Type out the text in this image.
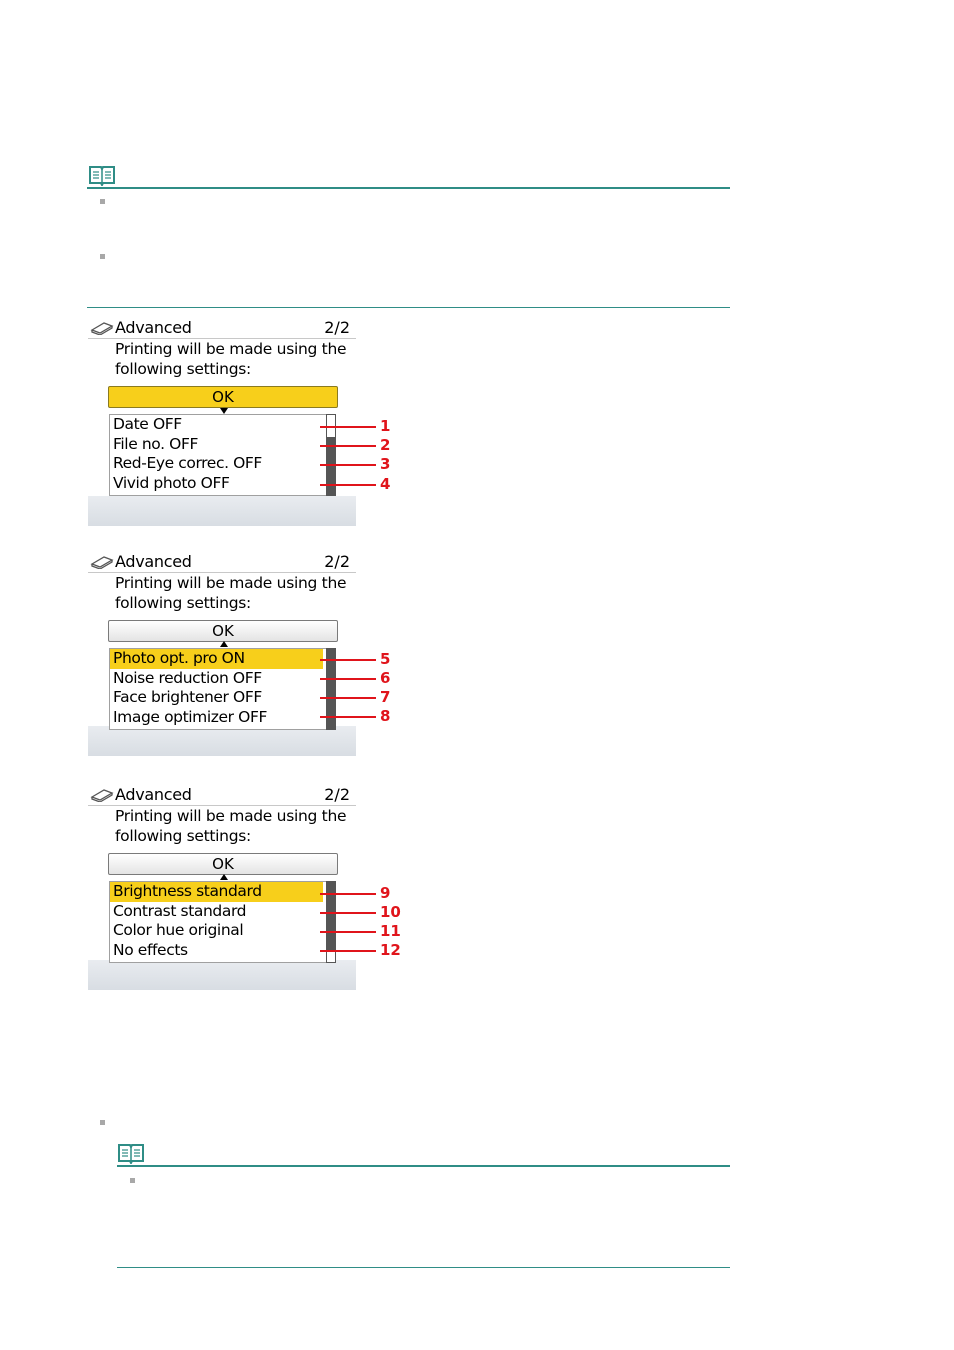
Advanced	2/2
Printing will be made using the following settings:
OK
Date OFF
File no. OFF
Red-Eye correc. OFF
Vivid photo OFF
1
2
3
4
Advanced	2/2
Printing will be made using the following settings:
OK
Photo opt. pro ON
Noise reduction OFF
Face brightener OFF
Image optimizer OFF
5
6
7
8
Advanced	2/2
Printing will be made using the following settings:
OK
Brightness standard
Contrast standard
Color hue original
No effects
9
10
11
12
